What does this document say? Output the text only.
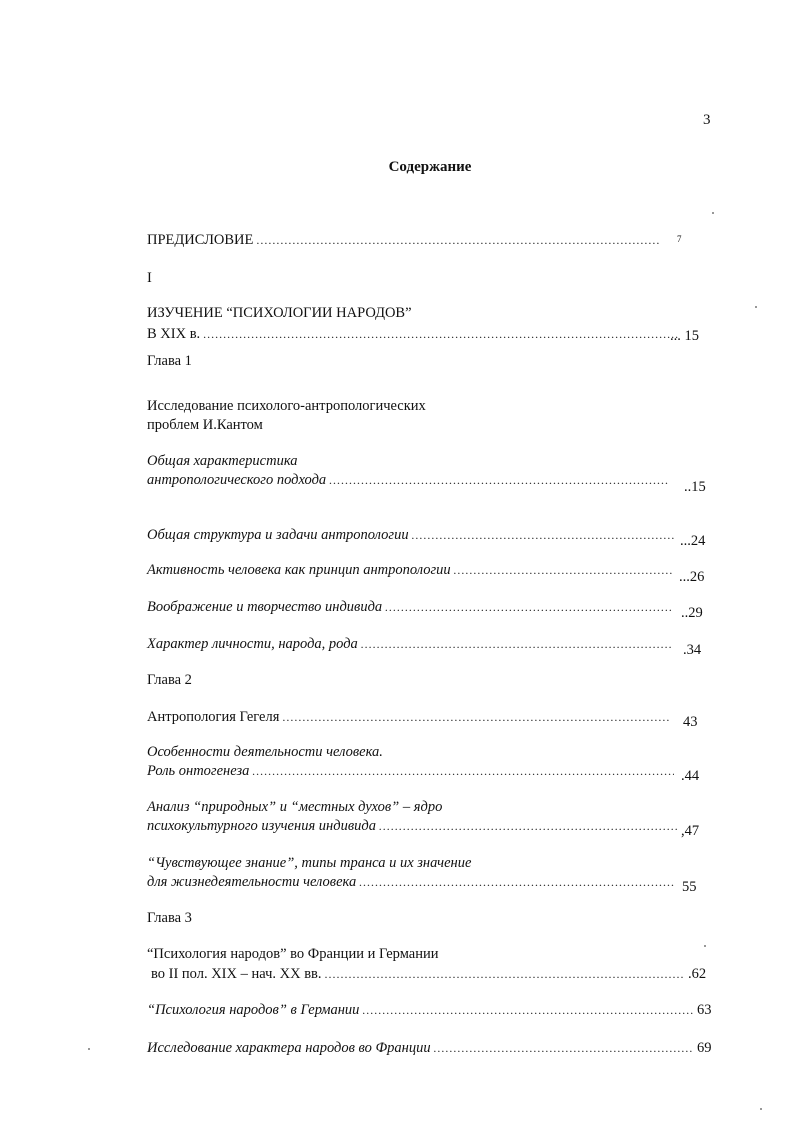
3
Содержание
ПРЕДИСЛОВИЕ .....	7
I
ИЗУЧЕНИЕ “ПСИХОЛОГИИ НАРОДОВ”
В XIX в. .....	... 15
Глава 1
Исследование психолого-антропологических
проблем И.Кантом
Общая характеристика
антропологического подхода .....	..15
Общая структура и задачи антропологии .....	...24
Активность человека как принцип антропологии .....	...26
Воображение и творчество индивида .....	..29
Характер личности, народа, рода .....	.34
Глава 2
Антропология Гегеля .....	43
Особенности деятельности человека.
Роль онтогенеза .....	.44
Анализ “природных” и “местных духов” – ядро
психокультурного изучения индивида .....	,47
“Чувствующее знание”, типы транса и их значение
для жизнедеятельности человека .....	55
Глава 3
“Психология народов” во Франции и Германии
во II пол. XIX – нач. XX вв. .....	.62
“Психология народов” в Германии .....	63
Исследование характера народов во Франции .....	69
